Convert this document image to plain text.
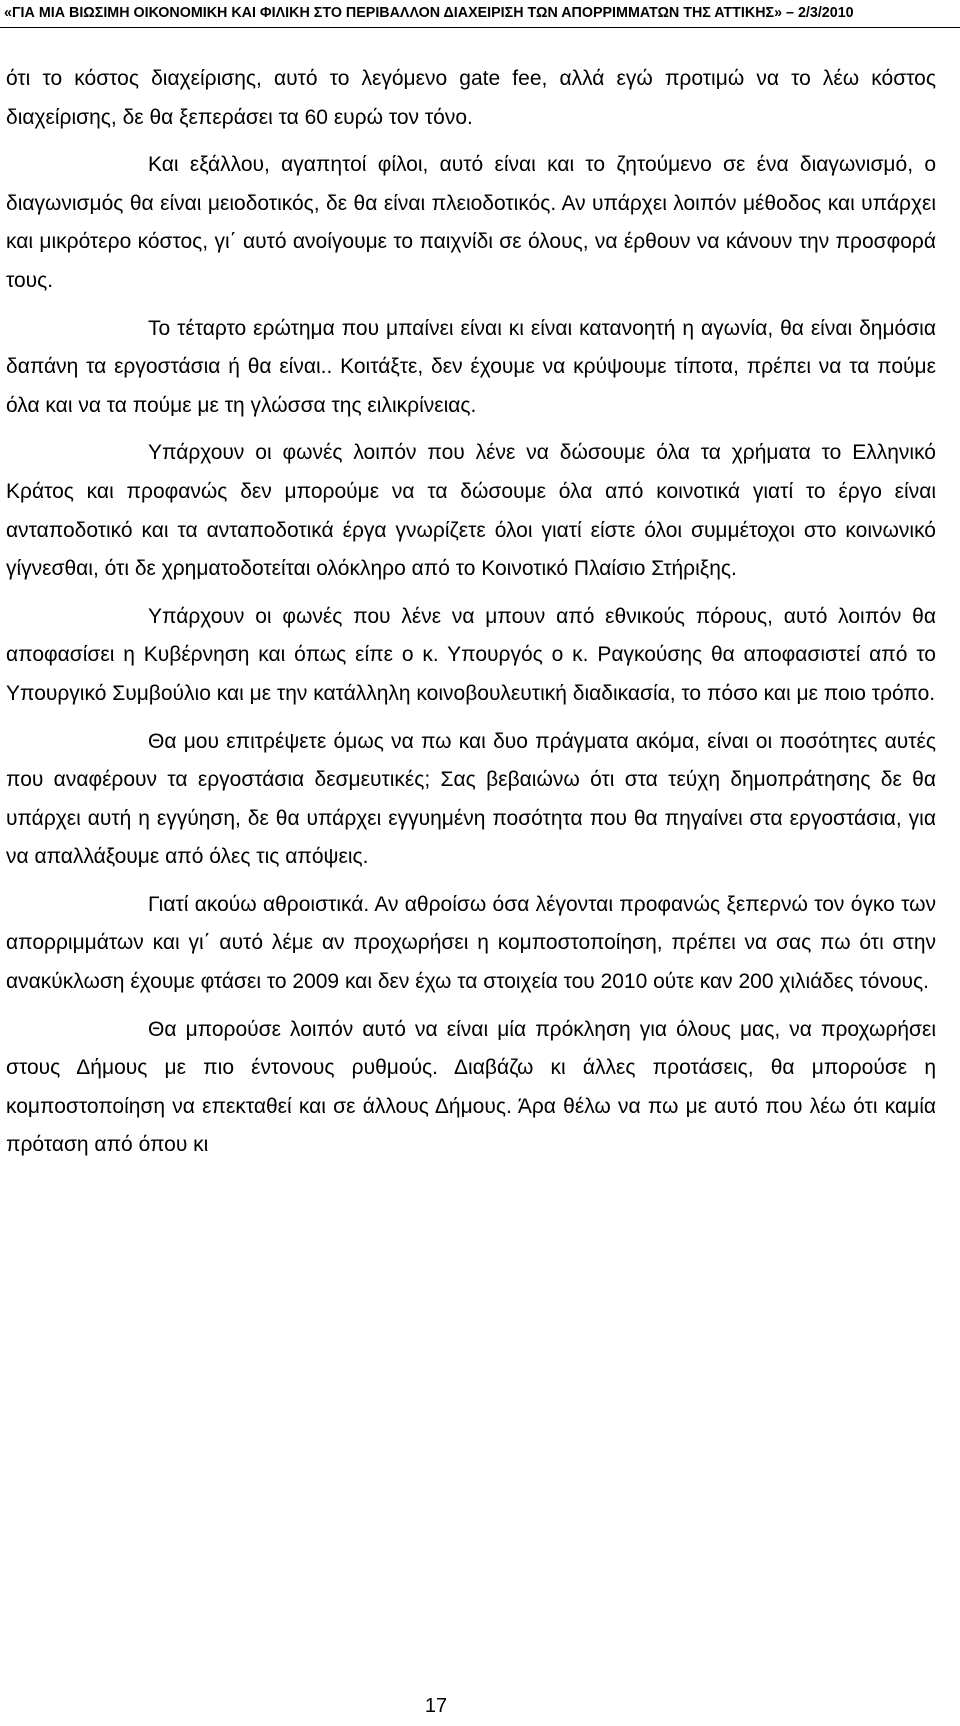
«ΓΙΑ ΜΙΑ ΒΙΩΣΙΜΗ ΟΙΚΟΝΟΜΙΚΗ ΚΑΙ ΦΙΛΙΚΗ ΣΤΟ ΠΕΡΙΒΑΛΛΟΝ ΔΙΑΧΕΙΡΙΣΗ ΤΩΝ ΑΠΟΡΡΙΜΜΑΤΩΝ ΤΗΣ ΑΤΤΙΚΗΣ» – 2/3/2010

ότι το κόστος διαχείρισης, αυτό το λεγόμενο gate fee, αλλά εγώ προτιμώ να το λέω κόστος διαχείρισης, δε θα ξεπεράσει τα 60 ευρώ τον τόνο.

Και εξάλλου, αγαπητοί φίλοι, αυτό είναι και το ζητούμενο σε ένα διαγωνισμό, ο διαγωνισμός θα είναι μειοδοτικός, δε θα είναι πλειοδοτικός. Αν υπάρχει λοιπόν μέθοδος και υπάρχει και μικρότερο κόστος, γι΄ αυτό ανοίγουμε το παιχνίδι σε όλους, να έρθουν να κάνουν την προσφορά τους.

Το τέταρτο ερώτημα που μπαίνει είναι κι είναι κατανοητή η αγωνία, θα είναι δημόσια δαπάνη τα εργοστάσια ή θα είναι.. Κοιτάξτε, δεν έχουμε να κρύψουμε τίποτα, πρέπει να τα πούμε όλα και να τα πούμε με τη γλώσσα της ειλικρίνειας.

Υπάρχουν οι φωνές λοιπόν που λένε να δώσουμε όλα τα χρήματα το Ελληνικό Κράτος και προφανώς δεν μπορούμε να τα δώσουμε όλα από κοινοτικά γιατί το έργο είναι ανταποδοτικό και τα ανταποδοτικά έργα γνωρίζετε όλοι γιατί είστε όλοι συμμέτοχοι στο κοινωνικό γίγνεσθαι, ότι δε χρηματοδοτείται ολόκληρο από το Κοινοτικό Πλαίσιο Στήριξης.

Υπάρχουν οι φωνές που λένε να μπουν από εθνικούς πόρους, αυτό λοιπόν θα αποφασίσει η Κυβέρνηση και όπως είπε ο κ. Υπουργός ο κ. Ραγκούσης θα αποφασιστεί από το Υπουργικό Συμβούλιο και με την κατάλληλη κοινοβουλευτική διαδικασία, το πόσο και με ποιο τρόπο.

Θα μου επιτρέψετε όμως να πω και δυο πράγματα ακόμα, είναι οι ποσότητες αυτές που αναφέρουν τα εργοστάσια δεσμευτικές; Σας βεβαιώνω ότι στα τεύχη δημοπράτησης δε θα υπάρχει αυτή η εγγύηση, δε θα υπάρχει εγγυημένη ποσότητα που θα πηγαίνει στα εργοστάσια, για να απαλλάξουμε από όλες τις απόψεις.

Γιατί ακούω αθροιστικά. Αν αθροίσω όσα λέγονται προφανώς ξεπερνώ τον όγκο των απορριμμάτων και γι΄ αυτό λέμε αν προχωρήσει η κομποστοποίηση, πρέπει να σας πω ότι στην ανακύκλωση έχουμε φτάσει το 2009 και δεν έχω τα στοιχεία του 2010 ούτε καν 200 χιλιάδες τόνους.

Θα μπορούσε λοιπόν αυτό να είναι μία πρόκληση για όλους μας, να προχωρήσει στους Δήμους με πιο έντονους ρυθμούς. Διαβάζω κι άλλες προτάσεις, θα μπορούσε η κομποστοποίηση να επεκταθεί και σε άλλους Δήμους. Άρα θέλω να πω με αυτό που λέω ότι καμία πρόταση από όπου κι

17
